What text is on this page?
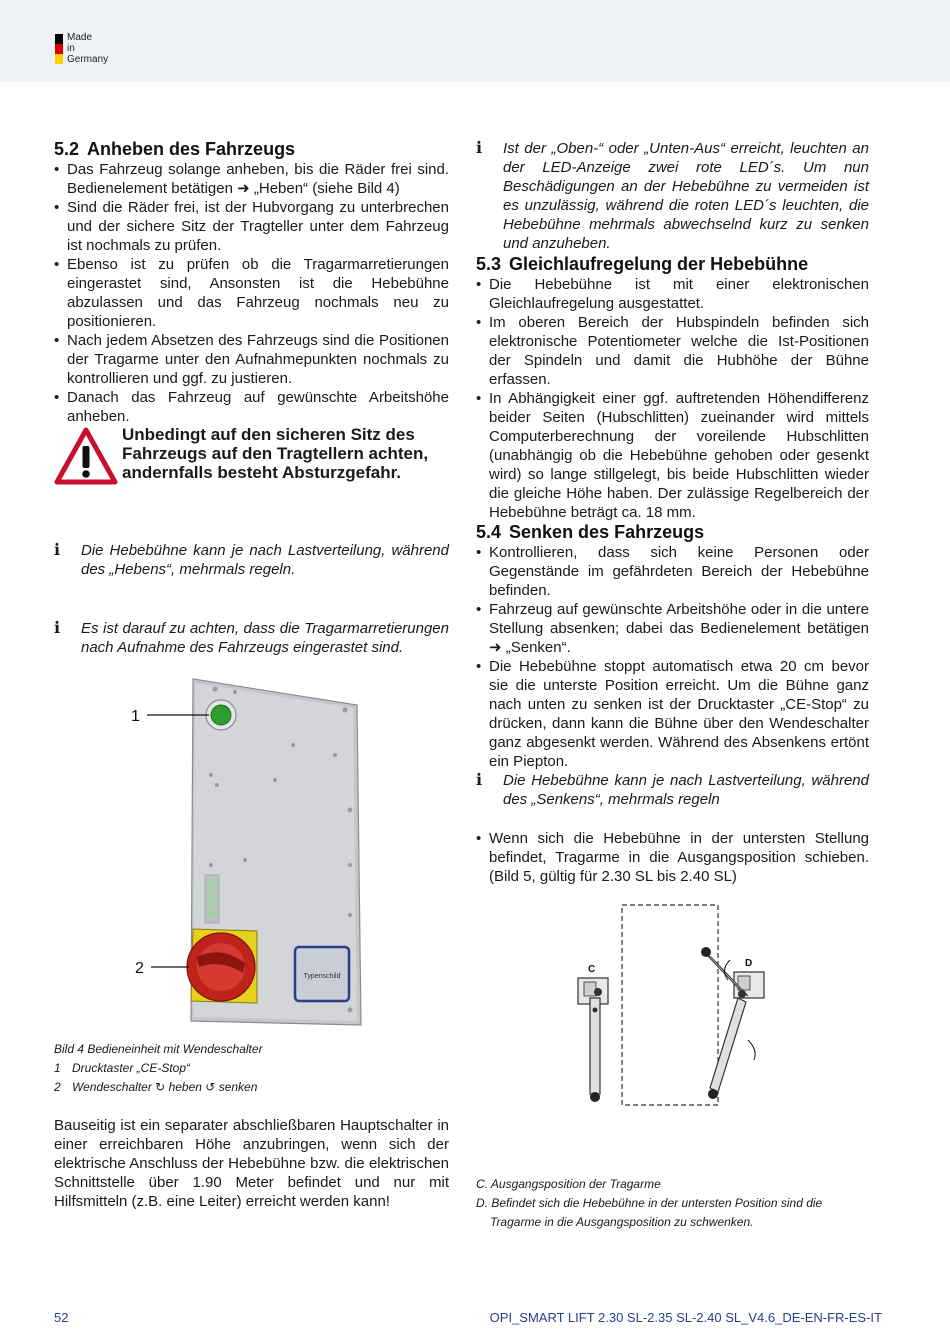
Made
in
Germany
5.2 Anheben des Fahrzeugs
• Das Fahrzeug solange anheben, bis die Räder frei sind. Bedienelement betätigen ➜ „Heben“ (siehe Bild 4)
• Sind die Räder frei, ist der Hubvorgang zu unterbrechen und der sichere Sitz der Tragteller unter dem Fahrzeug ist nochmals zu prüfen.
• Ebenso ist zu prüfen ob die Tragarmarretierungen eingerastet sind, Ansonsten ist die Hebebühne abzulassen und das Fahrzeug nochmals neu zu positionieren.
• Nach jedem Absetzen des Fahrzeugs sind die Positionen der Tragarme unter den Aufnahmepunkten nochmals zu kontrollieren und ggf. zu justieren.
• Danach das Fahrzeug auf gewünschte Arbeitshöhe anheben.
Unbedingt auf den sicheren Sitz des Fahrzeugs auf den Tragtellern achten, andernfalls besteht Absturzgefahr.
ℹ Die Hebebühne kann je nach Lastverteilung, während des „Hebens“, mehrmals regeln.
ℹ Es ist darauf zu achten, dass die Tragarmarretierungen nach Aufnahme des Fahrzeugs eingerastet sind.
Typenschild
1
2
Bild 4 Bedieneinheit mit Wendeschalter
1 Drucktaster „CE-Stop“
2 Wendeschalter ↻ heben ↺ senken
Bauseitig ist ein separater abschließbaren Hauptschalter in einer erreichbaren Höhe anzubringen, wenn sich der elektrische Anschluss der Hebebühne bzw. die elektrischen Schnittstelle über 1.90 Meter befindet und nur mit Hilfsmitteln (z.B. eine Leiter) erreicht werden kann!
ℹ Ist der „Oben-“ oder „Unten-Aus“ erreicht, leuchten an der LED-Anzeige zwei rote LED´s. Um nun Beschädigungen an der Hebebühne zu vermeiden ist es unzulässig, während die roten LED´s leuchten, die Hebebühne mehrmals abwechselnd kurz zu senken und anzuheben.
5.3 Gleichlaufregelung der Hebebühne
• Die Hebebühne ist mit einer elektronischen Gleichlaufregelung ausgestattet.
• Im oberen Bereich der Hubspindeln befinden sich elektronische Potentiometer welche die Ist-Positionen der Spindeln und damit die Hubhöhe der Bühne erfassen.
• In Abhängigkeit einer ggf. auftretenden Höhendifferenz beider Seiten (Hubschlitten) zueinander wird mittels Computerberechnung der voreilende Hubschlitten (unabhängig ob die Hebebühne gehoben oder gesenkt wird) so lange stillgelegt, bis beide Hubschlitten wieder die gleiche Höhe haben. Der zulässige Regelbereich der Hebebühne beträgt ca. 18 mm.
5.4 Senken des Fahrzeugs
• Kontrollieren, dass sich keine Personen oder Gegenstände im gefährdeten Bereich der Hebebühne befinden.
• Fahrzeug auf gewünschte Arbeitshöhe oder in die untere Stellung absenken; dabei das Bedienelement betätigen ➜ „Senken“.
• Die Hebebühne stoppt automatisch etwa 20 cm bevor sie die unterste Position erreicht. Um die Bühne ganz nach unten zu senken ist der Drucktaster „CE-Stop“ zu drücken, dann kann die Bühne über den Wendeschalter ganz abgesenkt werden. Während des Absenkens ertönt ein Piepton.
ℹ Die Hebebühne kann je nach Lastverteilung, während des „Senkens“, mehrmals regeln
• Wenn sich die Hebebühne in der untersten Stellung befindet, Tragarme in die Ausgangsposition schieben. (Bild 5, gültig für 2.30 SL bis 2.40 SL)
C
D
C. Ausgangsposition der Tragarme
D. Befindet sich die Hebebühne in der untersten Position sind die Tragarme in die Ausgangsposition zu schwenken.
52	OPI_SMART LIFT 2.30 SL-2.35 SL-2.40 SL_V4.6_DE-EN-FR-ES-IT
